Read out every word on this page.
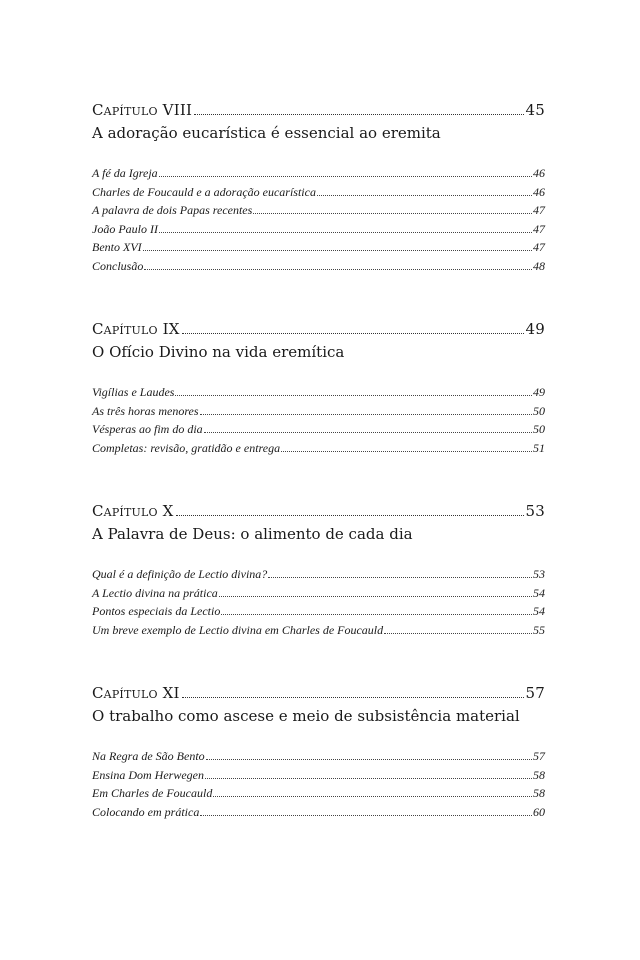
Capítulo VIII	45
A adoração eucarística é essencial ao eremita
A fé da Igreja	46
Charles de Foucauld e a adoração eucarística	46
A palavra de dois Papas recentes	47
João Paulo II	47
Bento XVI	47
Conclusão	48
Capítulo IX	49
O Ofício Divino na vida eremítica
Vigílias e Laudes	49
As três horas menores	50
Vésperas ao fim do dia	50
Completas: revisão, gratidão e entrega	51
Capítulo X	53
A Palavra de Deus: o alimento de cada dia
Qual é a definição de Lectio divina?	53
A Lectio divina na prática	54
Pontos especiais da Lectio	54
Um breve exemplo de Lectio divina em Charles de Foucauld	55
Capítulo XI	57
O trabalho como ascese e meio de subsistência material
Na Regra de São Bento	57
Ensina Dom Herwegen	58
Em Charles de Foucauld	58
Colocando em prática	60
